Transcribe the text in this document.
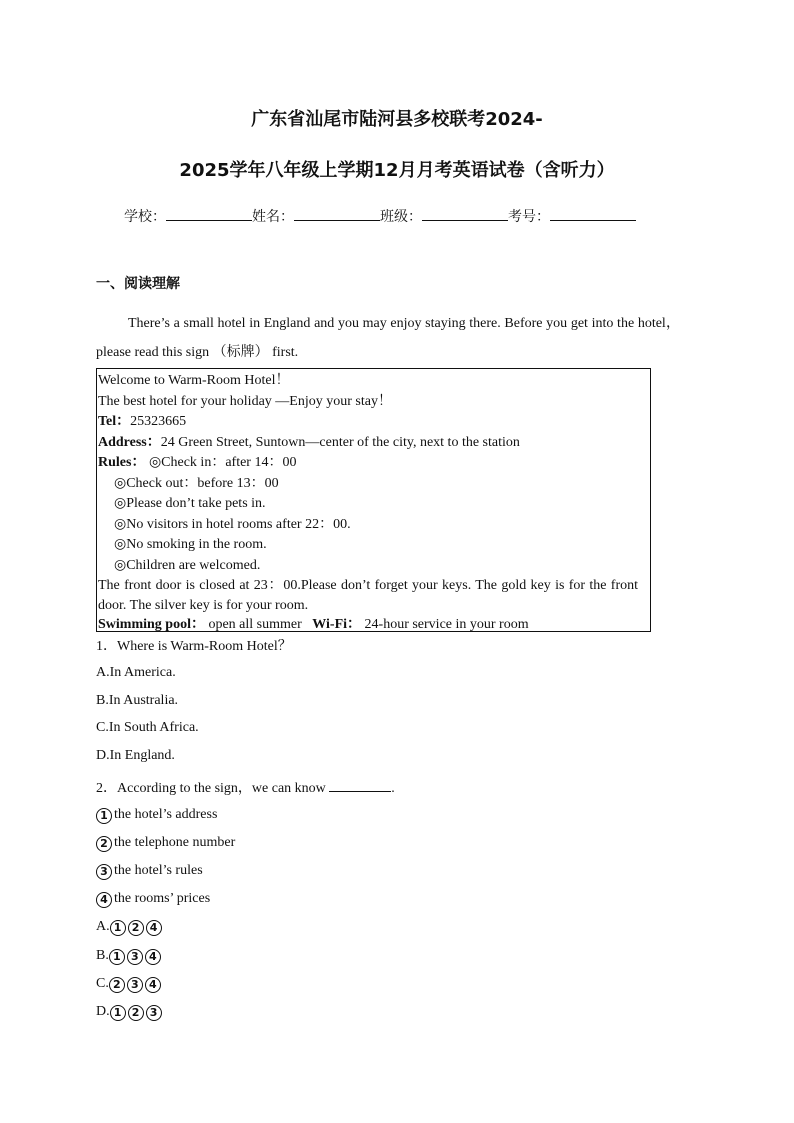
广东省汕尾市陆河县多校联考2024-
2025学年八年级上学期12月月考英语试卷（含听力）
学校：	姓名：	班级：	考号：
一、阅读理解
There’s a small hotel in England and you may enjoy staying there. Before you get into the hotel，please read this sign （标牌） first.
Welcome to Warm-Room Hotel！
The best hotel for your holiday —Enjoy your stay！
Tel：25323665
Address：24 Green Street, Suntown—center of the city, next to the station
Rules： ◎Check in：after 14：00
◎Check out：before 13：00
◎Please don’t take pets in.
◎No visitors in hotel rooms after 22：00.
◎No smoking in the room.
◎Children are welcomed.
The front door is closed at 23：00.Please don’t forget your keys. The gold key is for the front door. The silver key is for your room.
Swimming pool： open all summer Wi-Fi： 24-hour service in your room
1．Where is Warm-Room Hotel？
A.In America.
B.In Australia.
C.In South Africa.
D.In England.
2．According to the sign，we can know	.
1 the hotel’s address
2 the telephone number
3 the hotel’s rules
4 the rooms’ prices
A. 1 2 4
B. 1 3 4
C. 2 3 4
D. 1 2 3
